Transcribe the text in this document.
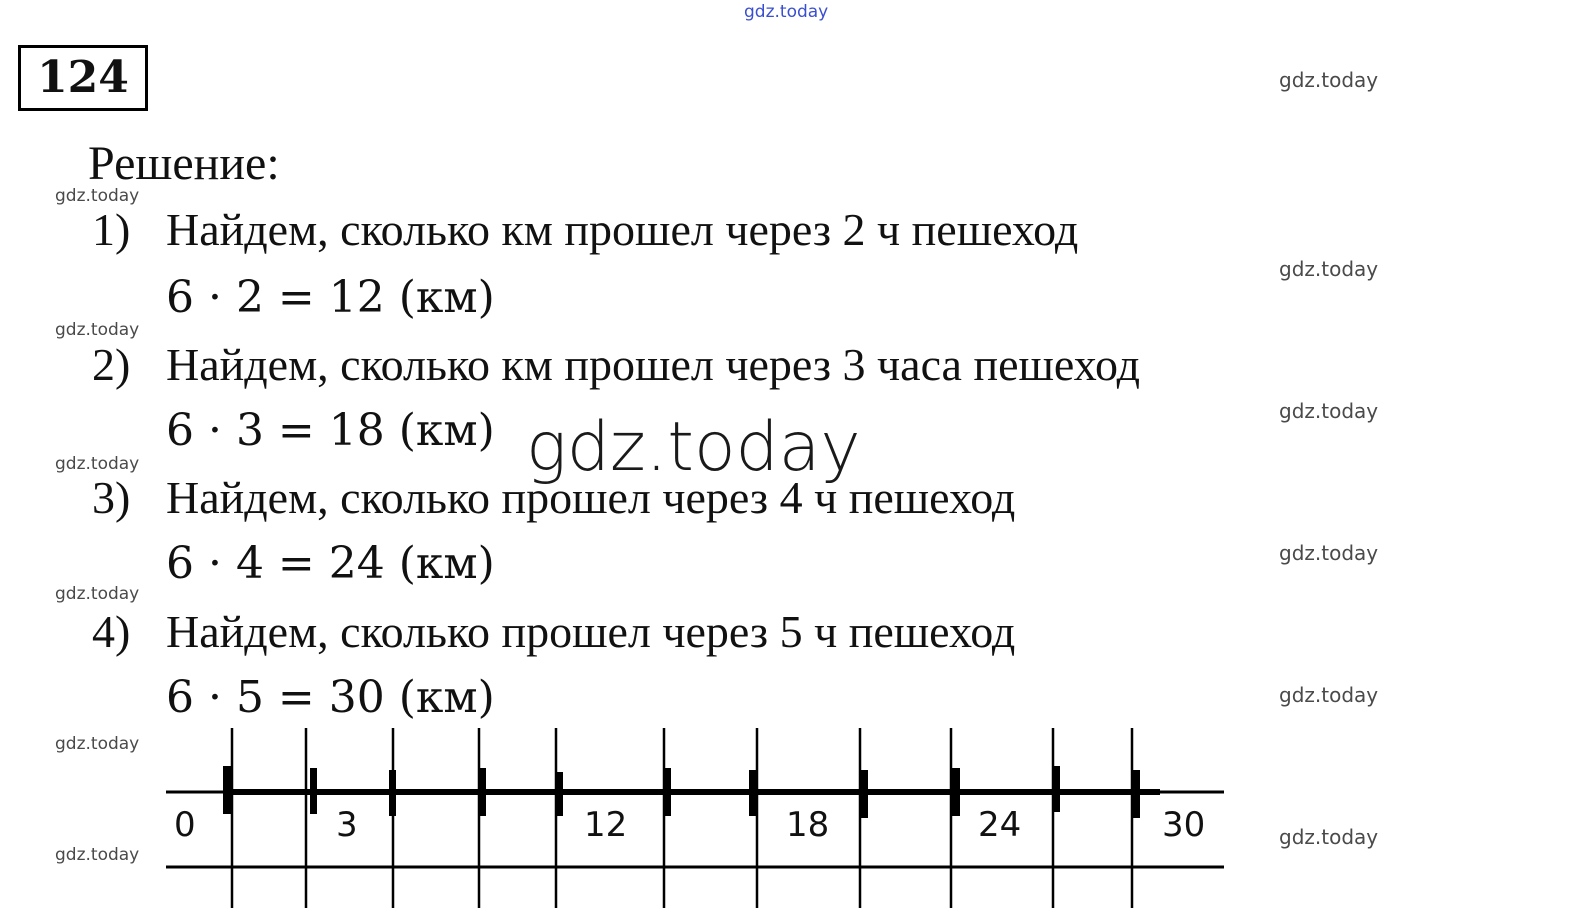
gdz.today
gdz.today
gdz.today
gdz.today
gdz.today
gdz.today
gdz.today
gdz.today
gdz.today
gdz.today
gdz.today
gdz.today
gdz.today
124
Решение:
1) Найдем, сколько км прошел через 2 ч пешеход
6 · 2 = 12 (км)
2) Найдем, сколько км прошел через 3 часа пешеход
6 · 3 = 18 (км)
3) Найдем, сколько прошел через 4 ч пешеход
6 · 4 = 24 (км)
4) Найдем, сколько прошел через 5 ч пешеход
6 · 5 = 30 (км)
gdz.today
0	3	12	18	24	30
